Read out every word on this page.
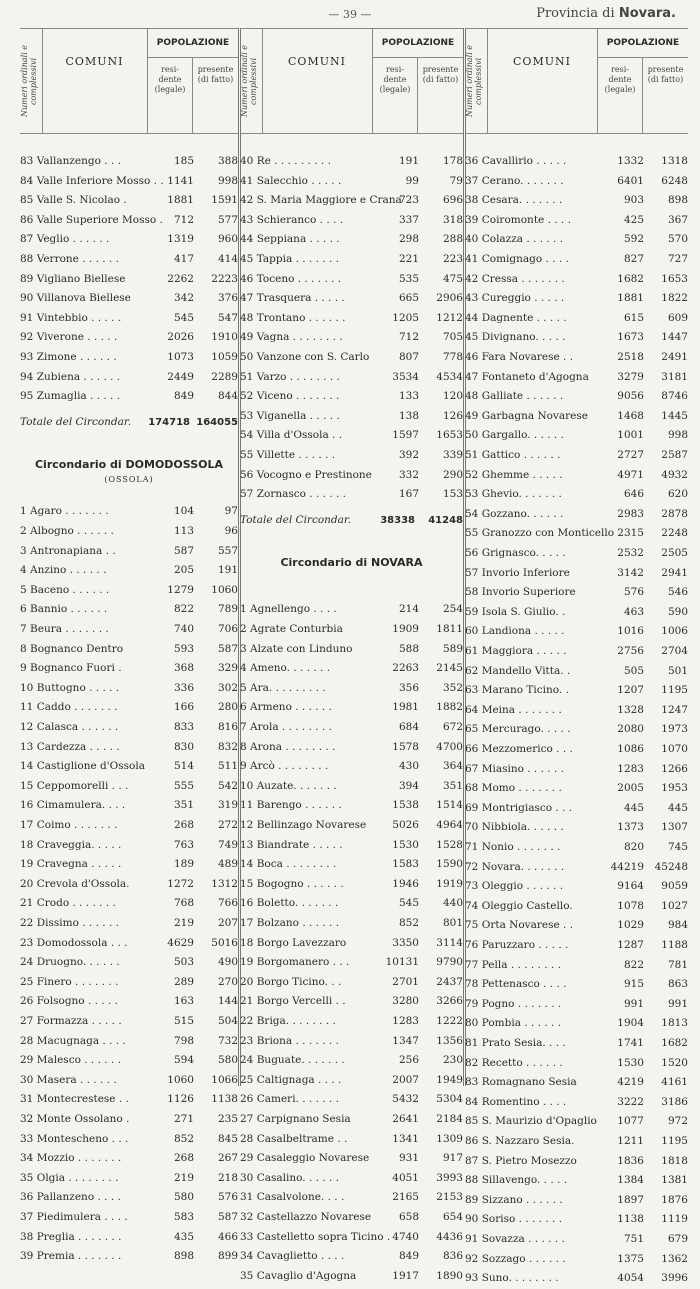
— 39 —	Provincia di Novara.
Numeri ordinali e complessivi	COMUNI
POPOLAZIONE
resi-
dente
(legale)
presente
(di fatto)
83 Vallanzengo . . .	185 388
84 Valle Inferiore Mosso . . 1141 998
85 Valle S. Nicolao .	1881 1591
86 Valle Superiore Mosso . 712 577
87 Veglio . . . . . .	1319 960
88 Verrone . . . . . .	417 414
89 Vigliano Biellese	2262 2223
90 Villanova Biellese	342 376
91 Vintebbio . . . . .	545 547
92 Viverone . . . . .	2026 1910
93 Zimone . . . . . .	1073 1059
94 Zubiena . . . . . .	2449 2289
95 Zumaglia . . . . .	849 844
Totale del Circondar. 174718 164055
Circondario di DOMODOSSOLA
(OSSOLA)
1 Agaro . . . . . . .	104	97
2 Albogno . . . . . .	113	96
3 Antronapiana . .	587 557
4 Anzino . . . . . .	205 191
5 Baceno . . . . . .	1279 1060
6 Bannio . . . . . .	822 789
7 Beura . . . . . . .	740 706
8 Bognanco Dentro	593 587
9 Bognanco Fuori .	368 329
10 Buttogno . . . . .	336 302
11 Caddo . . . . . . .	166 280
12 Calasca . . . . . .	833 816
13 Cardezza . . . . .	830 832
14 Castiglione d'Ossola	514 511
15 Ceppomorelli . . .	555 542
16 Cimamulera. . . .	351 319
17 Coimo . . . . . . .	268 272
18 Craveggia. . . . .	763 749
19 Cravegna . . . . .	189 489
20 Crevola d'Ossola.	1272 1312
21 Crodo . . . . . . .	768 766
22 Dissimo . . . . . .	219 207
23 Domodossola . . .	4629 5016
24 Druogno. . . . . .	503 490
25 Finero . . . . . . .	289 270
26 Folsogno . . . . .	163 144
27 Formazza . . . . .	515 504
28 Macugnaga . . . .	798 732
29 Malesco . . . . . .	594 580
30 Masera . . . . . .	1060 1066
31 Montecrestese . .	1126 1138
32 Monte Ossolano .	271 235
33 Montescheno . . .	852 845
34 Mozzio . . . . . . .	268 267
35 Olgia . . . . . . . .	219 218
36 Pallanzeno . . . .	580 576
37 Piedimulera . . . .	583 587
38 Preglia . . . . . . .	435 466
39 Premia . . . . . . .	898 899
Numeri ordinali e complessivi	COMUNI
POPOLAZIONE
resi-
dente
(legale)
presente
(di fatto)
40 Re . . . . . . . . .	191 178
41 Salecchio . . . . .	99	79
42 S. Maria Maggiore e Crana
723 696
43 Schieranco . . . .	337 318
44 Seppiana . . . . .	298 288
45 Tappia . . . . . . .	221 223
46 Toceno . . . . . . .	535 475
47 Trasquera . . . . .	665 2906
48 Trontano . . . . . .	1205 1212
49 Vagna . . . . . . . .	712 705
50 Vanzone con S. Carlo	807 778
51 Varzo . . . . . . . .	3534 4534
52 Viceno . . . . . . .	133 120
53 Viganella . . . . .	138 126
54 Villa d'Ossola . .	1597 1653
55 Villette . . . . . .	392 339
56 Vocogno e Prestinone	332 290
57 Zornasco . . . . . .	167 153
Totale del Circondar.	38338 41248
Circondario di NOVARA
1 Agnellengo . . . .	214 254
2 Agrate Conturbia	1909 1811
3 Alzate con Linduno	588 589
4 Ameno. . . . . . .	2263 2145
5 Ara. . . . . . . . .	356 352
6 Armeno . . . . . .	1981 1882
7 Arola . . . . . . . .	684 672
8 Arona . . . . . . . .	1578 4700
9 Arcò . . . . . . . .	430 364
10 Auzate. . . . . . .	394 351
11 Barengo . . . . . .	1538 1514
12 Bellinzago Novarese	5026 4964
13 Biandrate . . . . .	1530 1528
14 Boca . . . . . . . .	1583 1590
15 Bogogno . . . . . .	1946 1919
16 Boletto. . . . . . .	545 440
17 Bolzano . . . . . .	852 801
18 Borgo Lavezzaro	3350 3114
19 Borgomanero . . .	10131 9790
20 Borgo Ticino. . .	2701 2437
21 Borgo Vercelli . .	3280 3266
22 Briga. . . . . . . .	1283 1222
23 Briona . . . . . . .	1347 1356
24 Buguate. . . . . . .	256 230
25 Caltignaga . . . .	2007 1949
26 Cameri. . . . . . .	5432 5304
27 Carpignano Sesia	2641 2184
28 Casalbeltrame . .	1341 1309
29 Casaleggio Novarese	931 917
30 Casalino. . . . . .	4051 3993
31 Casalvolone. . . .	2165 2153
32 Castellazzo Novarese	658 654
33 Castelletto sopra Ticino . 4740 4436
34 Cavaglietto . . . .	849 836
35 Cavaglio d'Agogna	1917 1890
Numeri ordinali e complessivi	COMUNI
POPOLAZIONE
resi-
dente
(legale)
presente
(di fatto)
36 Cavallirio . . . . .	1332 1318
37 Cerano. . . . . . .	6401 6248
38 Cesara. . . . . . .	903 898
39 Coiromonte . . . .	425 367
40 Colazza . . . . . .	592 570
41 Comignago . . . .	827 727
42 Cressa . . . . . . .	1682 1653
43 Cureggio . . . . .	1881 1822
44 Dagnente . . . . .	615 609
45 Divignano. . . . .	1673 1447
46 Fara Novarese . .	2518 2491
47 Fontaneto d'Agogna	3279 3181
48 Galliate . . . . . .	9056 8746
49 Garbagna Novarese	1468 1445
50 Gargallo. . . . . .	1001 998
51 Gattico . . . . . .	2727 2587
52 Ghemme . . . . .	4971 4932
53 Ghevio. . . . . . .	646 620
54 Gozzano. . . . . .	2983 2878
55 Granozzo con Monticello 2315 2248
56 Grignasco. . . . .	2532 2505
57 Invorio Inferiore	3142 2941
58 Invorio Superiore	576 546
59 Isola S. Giulio. .	463 590
60 Landiona . . . . .	1016 1006
61 Maggiora . . . . .	2756 2704
62 Mandello Vitta. .	505 501
63 Marano Ticino. .	1207 1195
64 Meina . . . . . . .	1328 1247
65 Mercurago. . . . .	2080 1973
66 Mezzomerico . . .	1086 1070
67 Miasino . . . . . .	1283 1266
68 Momo . . . . . . .	2005 1953
69 Montrigiasco . . .	445 445
70 Nibbiola. . . . . .	1373 1307
71 Nonio . . . . . . .	820 745
72 Novara. . . . . . .	44219 45248
73 Oleggio . . . . . .	9164 9059
74 Oleggio Castello.	1078 1027
75 Orta Novarese . .	1029 984
76 Paruzzaro . . . . .	1287 1188
77 Pella . . . . . . . .	822 781
78 Pettenasco . . . .	915 863
79 Pogno . . . . . . .	991 991
80 Pombia . . . . . .	1904 1813
81 Prato Sesia. . . .	1741 1682
82 Recetto . . . . . .	1530 1520
83 Romagnano Sesia	4219 4161
84 Romentino . . . .	3222 3186
85 S. Maurizio d'Opaglio	1077 972
86 S. Nazzaro Sesia.	1211 1195
87 S. Pietro Mosezzo	1836 1818
88 Sillavengo. . . . .	1384 1381
89 Sizzano . . . . . .	1897 1876
90 Soriso . . . . . . .	1138 1119
91 Sovazza . . . . . .	751 679
92 Sozzago . . . . . .	1375 1362
93 Suno. . . . . . . .	4054 3996
